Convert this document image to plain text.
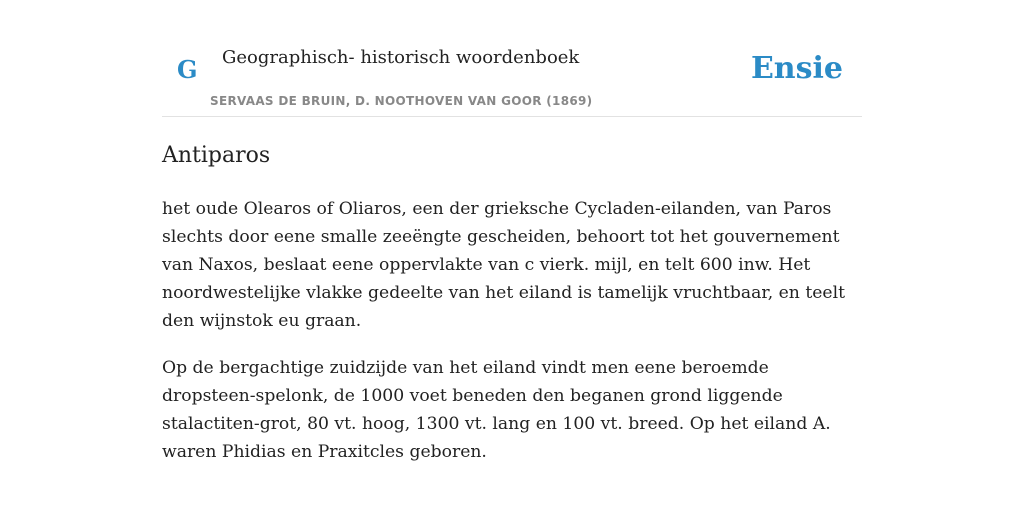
G Geographisch- historisch woordenboek
SERVAAS DE BRUIN, D. NOOTHOVEN VAN GOOR (1869)
Ensie
Antiparos

het oude Olearos of Oliaros, een der grieksche Cycladen-eilanden, van Paros slechts door eene smalle zeeëngte gescheiden, behoort tot het gouvernement van Naxos, beslaat eene oppervlakte van c vierk. mijl, en telt 600 inw. Het noordwestelijke vlakke gedeelte van het eiland is tamelijk vruchtbaar, en teelt den wijnstok eu graan.

Op de bergachtige zuidzijde van het eiland vindt men eene beroemde dropsteen-spelonk, de 1000 voet beneden den beganen grond liggende stalactiten-grot, 80 vt. hoog, 1300 vt. lang en 100 vt. breed. Op het eiland A. waren Phidias en Praxitcles geboren.
